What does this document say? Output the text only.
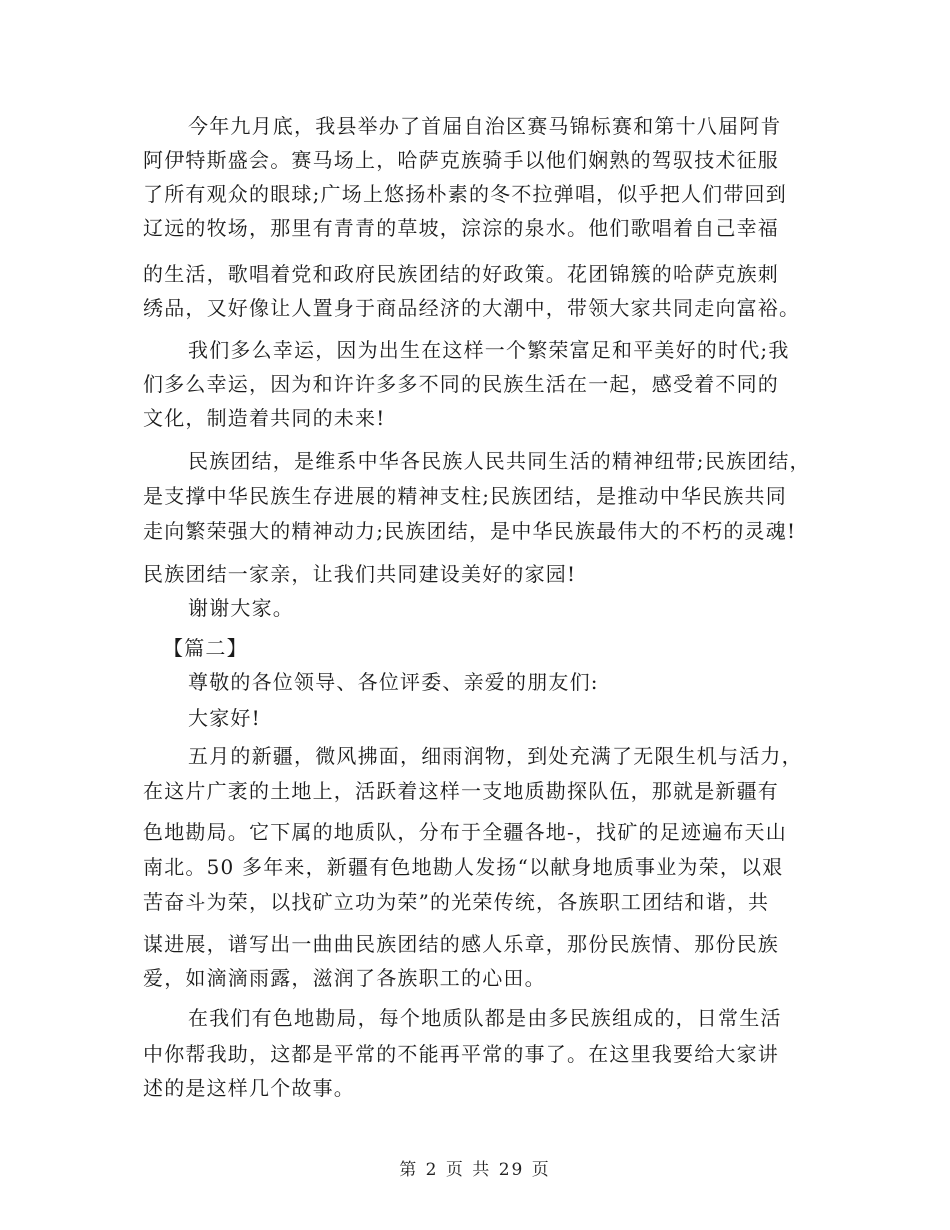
今年九月底，我县举办了首届自治区赛马锦标赛和第十八届阿肯
阿伊特斯盛会。赛马场上，哈萨克族骑手以他们娴熟的驾驭技术征服
了所有观众的眼球;广场上悠扬朴素的冬不拉弹唱，似乎把人们带回到
辽远的牧场，那里有青青的草坡，淙淙的泉水。他们歌唱着自己幸福
的生活，歌唱着党和政府民族团结的好政策。花团锦簇的哈萨克族刺
绣品，又好像让人置身于商品经济的大潮中，带领大家共同走向富裕。
我们多么幸运，因为出生在这样一个繁荣富足和平美好的时代;我
们多么幸运，因为和许许多多不同的民族生活在一起，感受着不同的
文化，制造着共同的未来!
民族团结，是维系中华各民族人民共同生活的精神纽带;民族团结，
是支撑中华民族生存进展的精神支柱;民族团结，是推动中华民族共同
走向繁荣强大的精神动力;民族团结，是中华民族最伟大的不朽的灵魂!
民族团结一家亲，让我们共同建设美好的家园!
谢谢大家。
【篇二】
尊敬的各位领导、各位评委、亲爱的朋友们:
大家好!
五月的新疆，微风拂面，细雨润物，到处充满了无限生机与活力，
在这片广袤的土地上，活跃着这样一支地质勘探队伍，那就是新疆有
色地勘局。它下属的地质队，分布于全疆各地-，找矿的足迹遍布天山
南北。50 多年来，新疆有色地勘人发扬“以献身地质事业为荣，以艰
苦奋斗为荣，以找矿立功为荣”的光荣传统，各族职工团结和谐，共
谋进展，谱写出一曲曲民族团结的感人乐章，那份民族情、那份民族
爱，如滴滴雨露，滋润了各族职工的心田。
在我们有色地勘局，每个地质队都是由多民族组成的，日常生活
中你帮我助，这都是平常的不能再平常的事了。在这里我要给大家讲
述的是这样几个故事。
第 2 页 共 29 页
